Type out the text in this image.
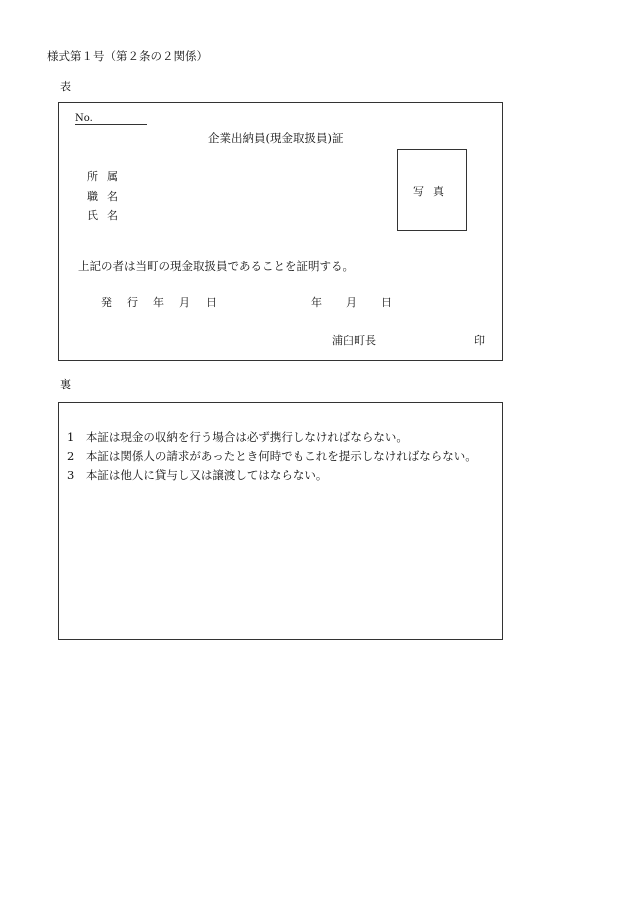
様式第１号（第２条の２関係）
表
No.
企業出納員(現金取扱員)証
写真
所属
職名
氏名
上記の者は当町の現金取扱員であることを証明する。
発 行 年 月 日	年 月 日
浦臼町長	印
裏
1　本証は現金の収納を行う場合は必ず携行しなければならない。
2　本証は関係人の請求があったとき何時でもこれを提示しなければならない。
3　本証は他人に貸与し又は譲渡してはならない。
